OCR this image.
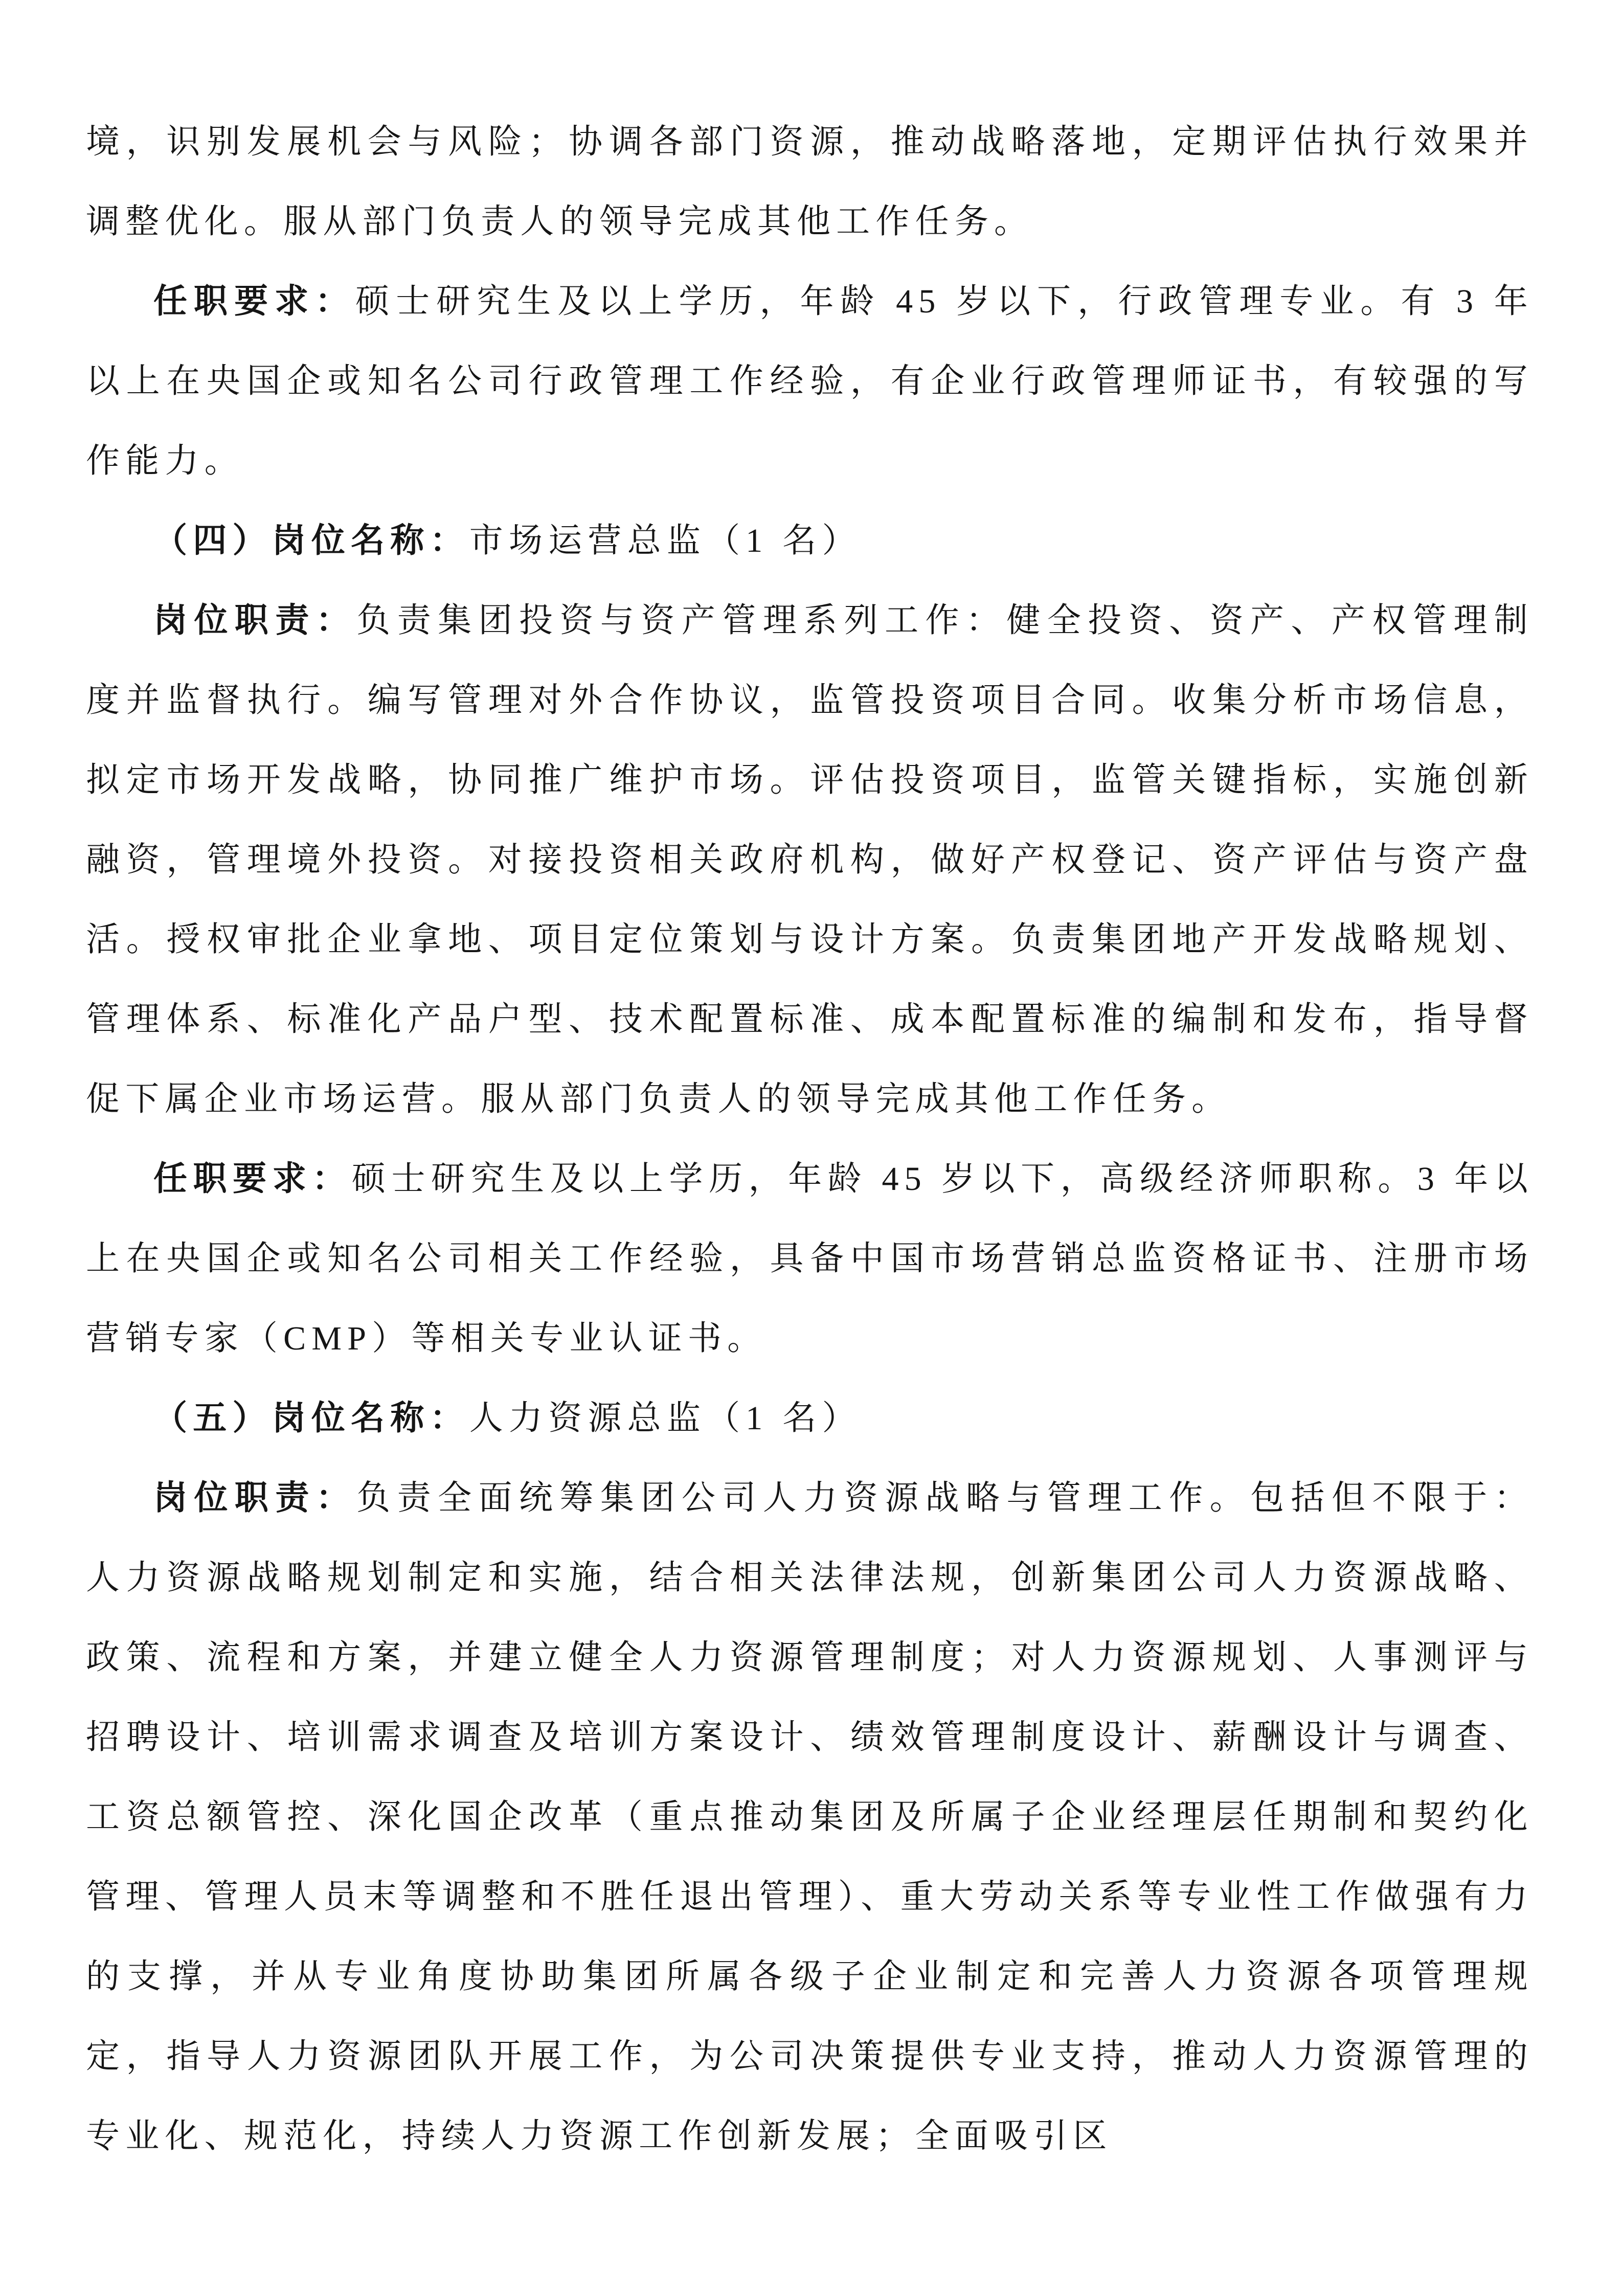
境，识别发展机会与风险；协调各部门资源，推动战略落地，定期评估执行效果并调整优化。服从部门负责人的领导完成其他工作任务。

任职要求：硕士研究生及以上学历，年龄 45 岁以下，行政管理专业。有 3 年以上在央国企或知名公司行政管理工作经验，有企业行政管理师证书，有较强的写作能力。

（四）岗位名称：市场运营总监（1 名）

岗位职责：负责集团投资与资产管理系列工作：健全投资、资产、产权管理制度并监督执行。编写管理对外合作协议，监管投资项目合同。收集分析市场信息，拟定市场开发战略，协同推广维护市场。评估投资项目，监管关键指标，实施创新融资，管理境外投资。对接投资相关政府机构，做好产权登记、资产评估与资产盘活。授权审批企业拿地、项目定位策划与设计方案。负责集团地产开发战略规划、管理体系、标准化产品户型、技术配置标准、成本配置标准的编制和发布，指导督促下属企业市场运营。服从部门负责人的领导完成其他工作任务。

任职要求：硕士研究生及以上学历，年龄 45 岁以下，高级经济师职称。3 年以上在央国企或知名公司相关工作经验，具备中国市场营销总监资格证书、注册市场营销专家（CMP）等相关专业认证书。

（五）岗位名称：人力资源总监（1 名）

岗位职责：负责全面统筹集团公司人力资源战略与管理工作。包括但不限于：人力资源战略规划制定和实施，结合相关法律法规，创新集团公司人力资源战略、政策、流程和方案，并建立健全人力资源管理制度；对人力资源规划、人事测评与招聘设计、培训需求调查及培训方案设计、绩效管理制度设计、薪酬设计与调查、工资总额管控、深化国企改革（重点推动集团及所属子企业经理层任期制和契约化管理、管理人员末等调整和不胜任退出管理）、重大劳动关系等专业性工作做强有力的支撑，并从专业角度协助集团所属各级子企业制定和完善人力资源各项管理规定，指导人力资源团队开展工作，为公司决策提供专业支持，推动人力资源管理的专业化、规范化，持续人力资源工作创新发展；全面吸引区
